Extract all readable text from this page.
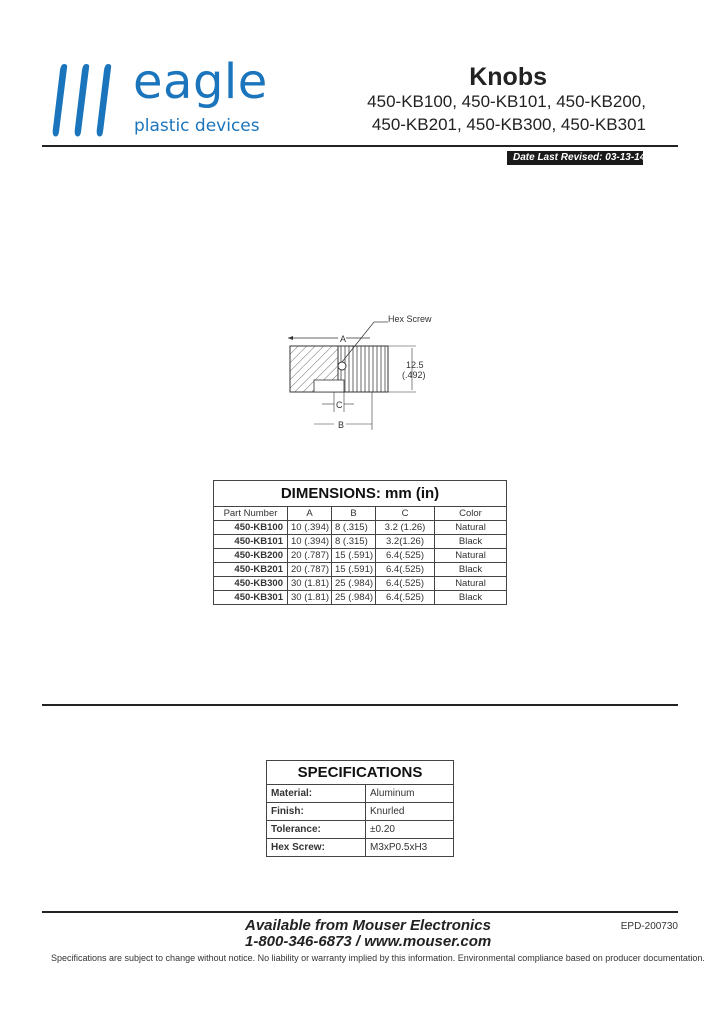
eagle
plastic devices
Knobs
450-KB100, 450-KB101, 450-KB200,
450-KB201, 450-KB300, 450-KB301
Date Last Revised: 03-13-14
A
Hex Screw
12.5
(.492)
C
B
DIMENSIONS: mm (in)				
Part Number	A	B	C	Color
450-KB100	10 (.394)	8 (.315)	3.2 (1.26)	Natural
450-KB101	10 (.394)	8 (.315)	3.2(1.26)	Black
450-KB200	20 (.787)	15 (.591)	6.4(.525)	Natural
450-KB201	20 (.787)	15 (.591)	6.4(.525)	Black
450-KB300	30 (1.81)	25 (.984)	6.4(.525)	Natural
450-KB301	30 (1.81)	25 (.984)	6.4(.525)	Black
SPECIFICATIONS	
Material:	Aluminum
Finish:	Knurled
Tolerance:	±0.20
Hex Screw:	M3xP0.5xH3
Available from Mouser Electronics
1-800-346-6873 / www.mouser.com
EPD-200730
Specifications are subject to change without notice. No liability or warranty implied by this information. Environmental compliance based on producer documentation.
